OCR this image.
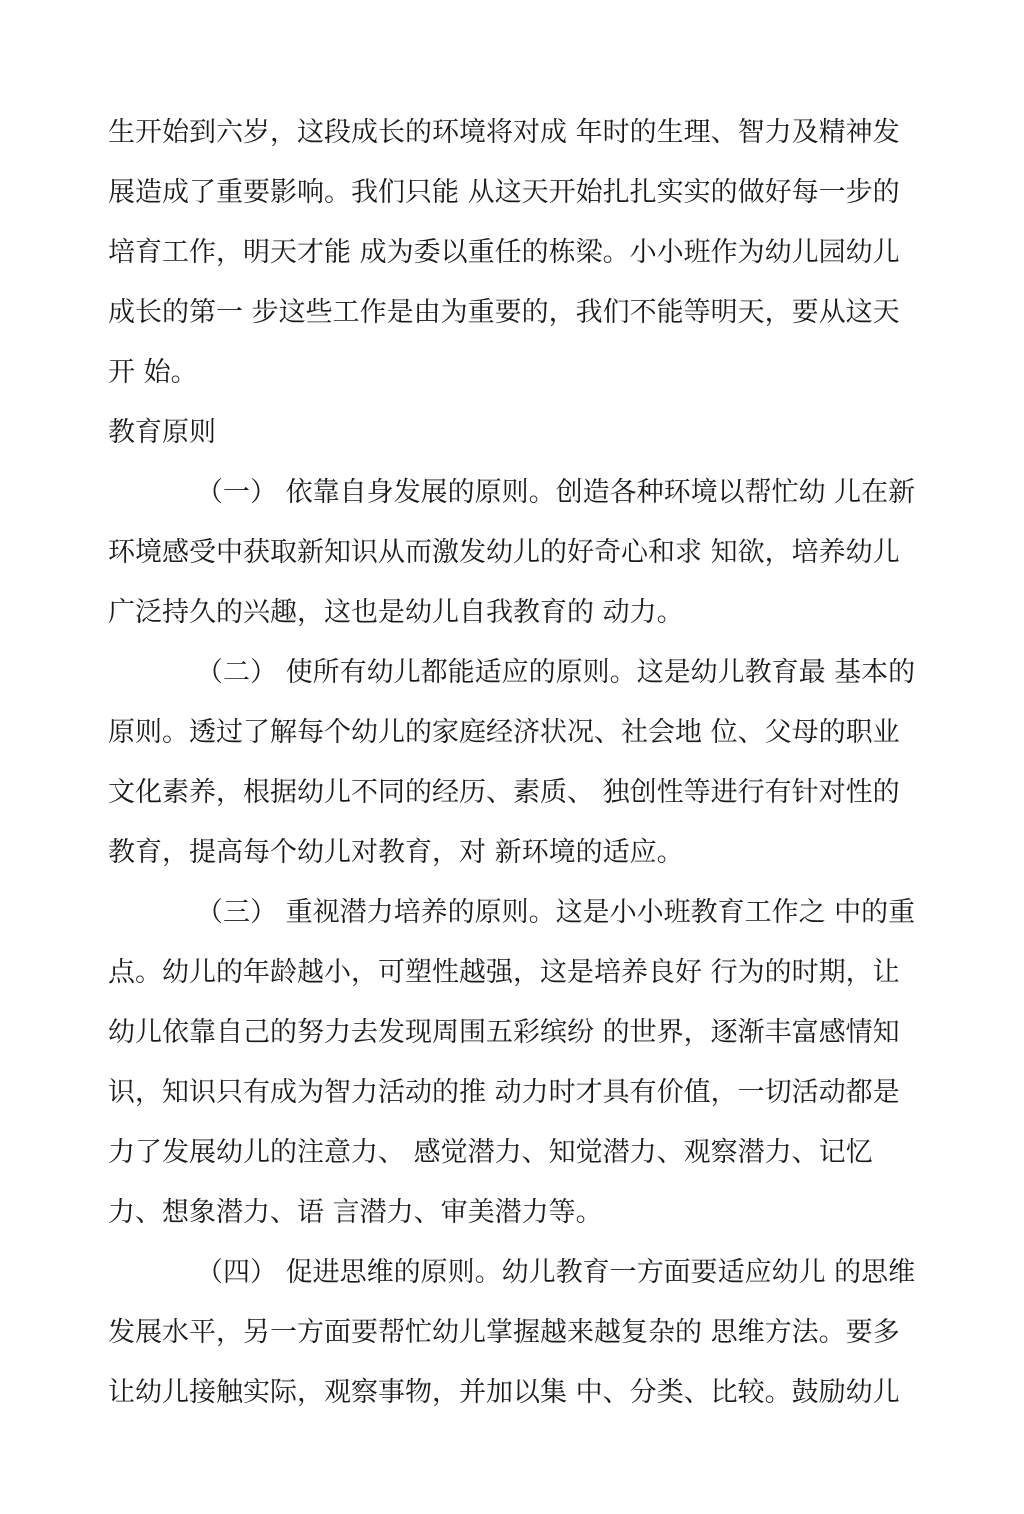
生开始到六岁，这段成长的环境将对成 年时的生理、智力及精神发
展造成了重要影响。我们只能 从这天开始扎扎实实的做好每一步的
培育工作，明天才能 成为委以重任的栋梁。小小班作为幼儿园幼儿
成长的第一 步这些工作是由为重要的，我们不能等明天，要从这天
开 始。
教育原则
（一） 依靠自身发展的原则。创造各种环境以帮忙幼 儿在新
环境感受中获取新知识从而激发幼儿的好奇心和求 知欲，培养幼儿
广泛持久的兴趣，这也是幼儿自我教育的 动力。
（二） 使所有幼儿都能适应的原则。这是幼儿教育最 基本的
原则。透过了解每个幼儿的家庭经济状况、社会地 位、父母的职业
文化素养，根据幼儿不同的经历、素质、 独创性等进行有针对性的
教育，提高每个幼儿对教育，对 新环境的适应。
（三） 重视潜力培养的原则。这是小小班教育工作之 中的重
点。幼儿的年龄越小，可塑性越强，这是培养良好 行为的时期，让
幼儿依靠自己的努力去发现周围五彩缤纷 的世界，逐渐丰富感情知
识，知识只有成为智力活动的推 动力时才具有价值，一切活动都是
力了发展幼儿的注意力、 感觉潜力、知觉潜力、观察潜力、记忆
力、想象潜力、语 言潜力、审美潜力等。
（四） 促进思维的原则。幼儿教育一方面要适应幼儿 的思维
发展水平，另一方面要帮忙幼儿掌握越来越复杂的 思维方法。要多
让幼儿接触实际，观察事物，并加以集 中、分类、比较。鼓励幼儿
